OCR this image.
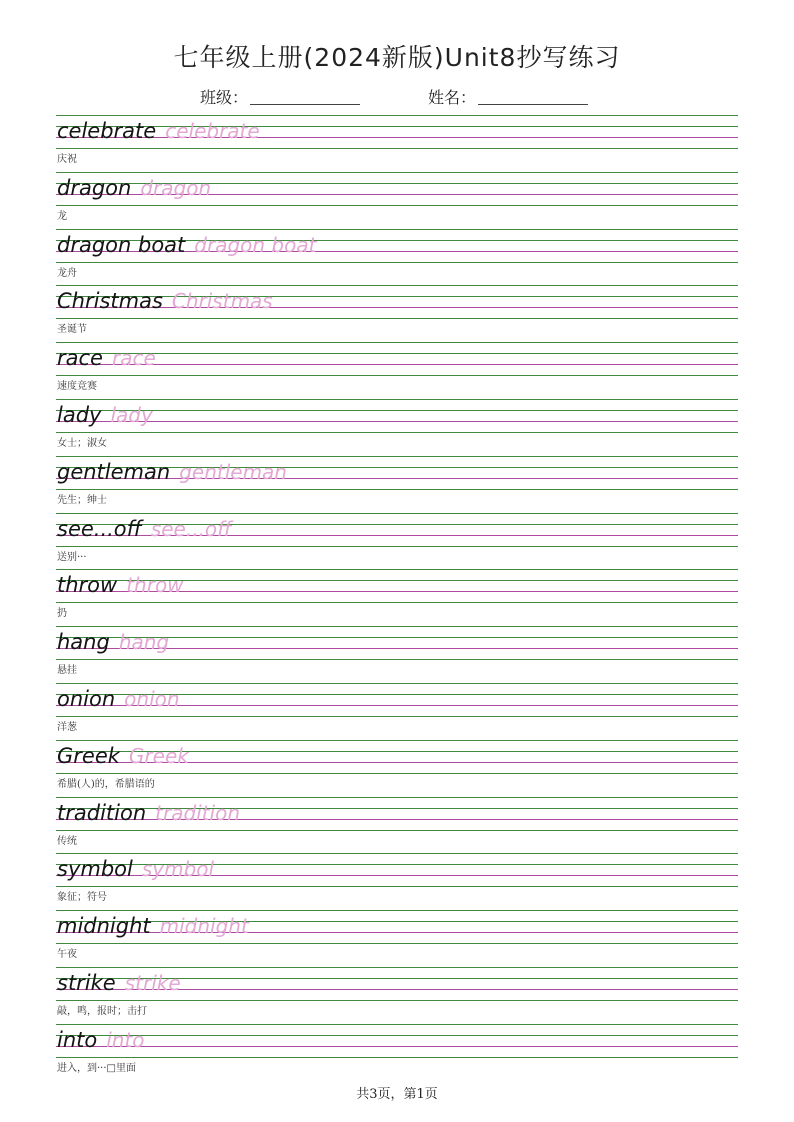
七年级上册(2024新版)Unit8抄写练习
班级：	姓名：
celebrate celebrate
庆祝
dragon dragon
龙
dragon boat dragon boat
龙舟
Christmas Christmas
圣诞节
race race
速度竞赛
lady lady
女士；淑女
gentleman gentleman
先生；绅士
see...off see...off
送别···
throw throw
扔
hang hang
悬挂
onion onion
洋葱
Greek Greek
希腊(人)的，希腊语的
tradition tradition
传统
symbol symbol
象征；符号
midnight midnight
午夜
strike strike
敲，鸣，报时；击打
into into
进入，到···□里面
共3页，第1页
